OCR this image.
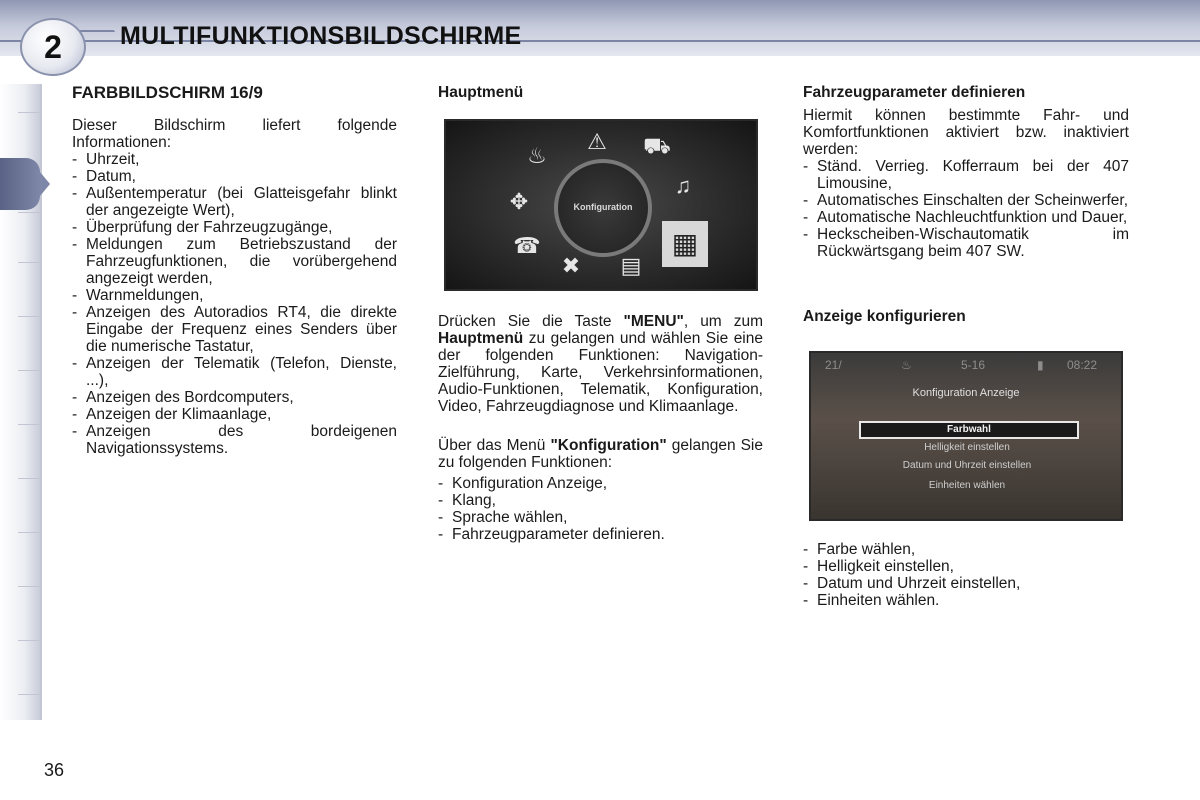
MULTIFUNKTIONSBILDSCHIRME
2
FARBBILDSCHIRM 16/9

Dieser Bildschirm liefert folgende Informationen:

- Uhrzeit,
- Datum,
- Außentemperatur (bei Glatteisgefahr blinkt der angezeigte Wert),
- Überprüfung der Fahrzeugzugänge,
- Meldungen zum Betriebszustand der Fahrzeugfunktionen, die vorübergehend angezeigt werden,
- Warnmeldungen,
- Anzeigen des Autoradios RT4, die direkte Eingabe der Frequenz eines Senders über die numerische Tastatur,
- Anzeigen der Telematik (Telefon, Dienste, ...),
- Anzeigen des Bordcomputers,
- Anzeigen der Klimaanlage,
- Anzeigen des bordeigenen Navigationssystems.
Hauptmenü
♨
⚠ ⛟
♫
✥
☎
✖ ▤
▦
Konfiguration

Drücken Sie die Taste "MENU", um zum Hauptmenü zu gelangen und wählen Sie eine der folgenden Funktionen: Navigation-Zielführung, Karte, Verkehrsinformationen, Audio-Funktionen, Telematik, Konfiguration, Video, Fahrzeugdiagnose und Klimaanlage.

Über das Menü "Konfiguration" gelangen Sie zu folgenden Funktionen:

- Konfiguration Anzeige,
- Klang,
- Sprache wählen,
- Fahrzeugparameter definieren.
Fahrzeugparameter definieren

Hiermit können bestimmte Fahr- und Komfortfunktionen aktiviert bzw. inaktiviert werden:

- Ständ. Verrieg. Kofferraum bei der 407 Limousine,
- Automatisches Einschalten der Scheinwerfer,
- Automatische Nachleuchtfunktion und Dauer,
- Heckscheiben-Wischautomatik im Rückwärtsgang beim 407 SW.
Anzeige konfigurieren
21/	♨	5-16	▮ 08:22
Konfiguration Anzeige
Farbwahl
Helligkeit einstellen
Datum und Uhrzeit einstellen
Einheiten wählen
- Farbe wählen,
- Helligkeit einstellen,
- Datum und Uhrzeit einstellen,
- Einheiten wählen.
36
